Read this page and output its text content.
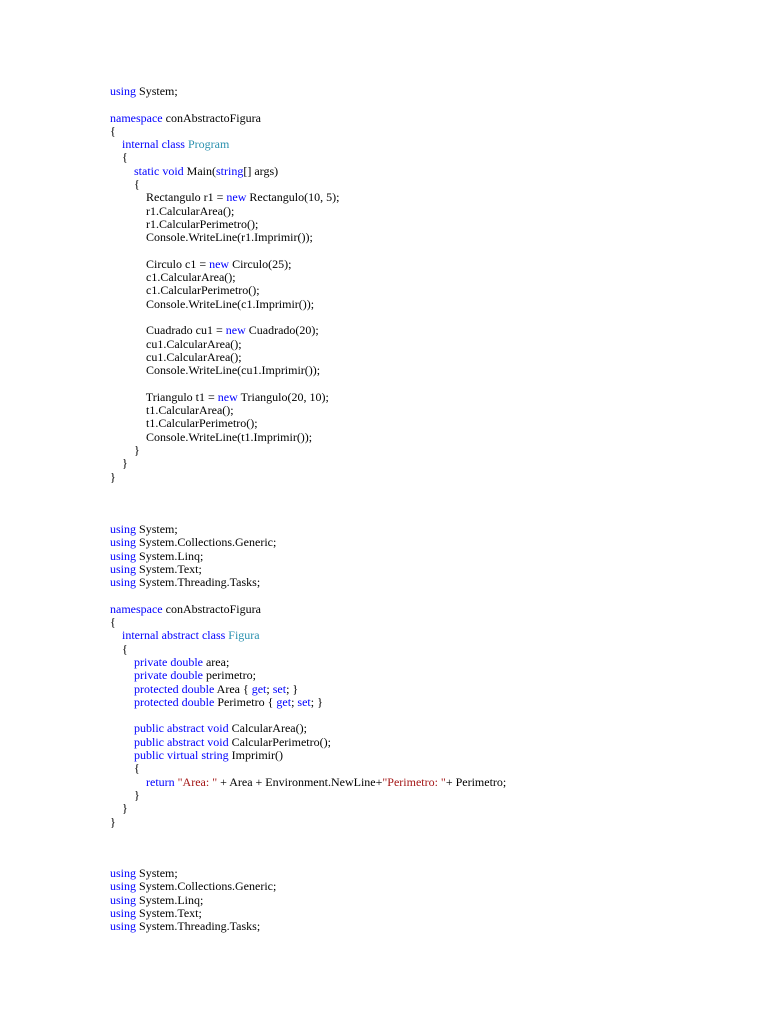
using System;
namespace conAbstractoFigura
{
internal class Program
{
static void Main(string[] args)
{
Rectangulo r1 = new Rectangulo(10, 5);
r1.CalcularArea();
r1.CalcularPerimetro();
Console.WriteLine(r1.Imprimir());
Circulo c1 = new Circulo(25);
c1.CalcularArea();
c1.CalcularPerimetro();
Console.WriteLine(c1.Imprimir());
Cuadrado cu1 = new Cuadrado(20);
cu1.CalcularArea();
cu1.CalcularArea();
Console.WriteLine(cu1.Imprimir());
Triangulo t1 = new Triangulo(20, 10);
t1.CalcularArea();
t1.CalcularPerimetro();
Console.WriteLine(t1.Imprimir());
}
}
}
using System;
using System.Collections.Generic;
using System.Linq;
using System.Text;
using System.Threading.Tasks;
namespace conAbstractoFigura
{
internal abstract class Figura
{
private double area;
private double perimetro;
protected double Area { get; set; }
protected double Perimetro { get; set; }
public abstract void CalcularArea();
public abstract void CalcularPerimetro();
public virtual string Imprimir()
{
return "Area: " + Area + Environment.NewLine+"Perimetro: "+ Perimetro;
}
}
}
using System;
using System.Collections.Generic;
using System.Linq;
using System.Text;
using System.Threading.Tasks;
